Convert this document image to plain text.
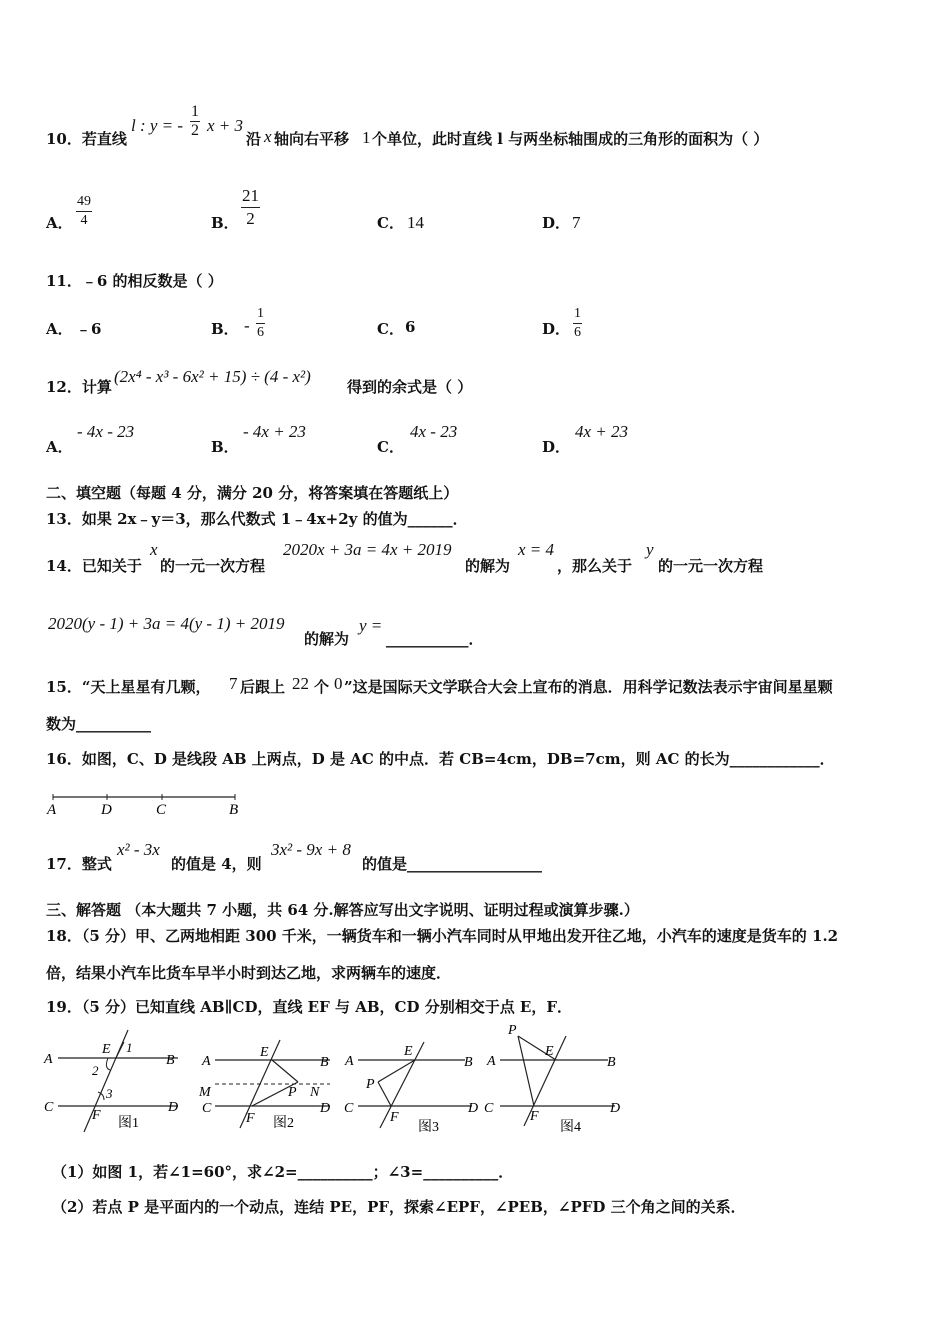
10．若直线
l : y = - $\frac{1}{2}$ x + 3
沿 x 轴向右平移 1 个单位，此时直线 l 与两坐标轴围成的三角形的面积为（ ）
A． $\frac{49}{4}$	B． $\frac{21}{2}$	C． 14	D． 7
11．﹣6 的相反数是（ ）
A． ﹣6	B． - $\frac{1}{6}$	C． 6	D． $\frac{1}{6}$
12．计算
(2x⁴ - x³ - 6x² + 15) ÷ (4 - x²)
得到的余式是（ ）
A．
- 4x - 23
B．
- 4x + 23
C．
4x - 23
D．
4x + 23
二、填空题（每题 4 分，满分 20 分，将答案填在答题纸上）
13．如果 2x﹣y＝3，那么代数式 1﹣4x+2y 的值为______．
14．已知关于
x
的一元一次方程
2020x + 3a = 4x + 2019
的解为
x = 4
，那么关于
y
的一元一次方程
2020(y - 1) + 3a = 4(y - 1) + 2019
的解为
y =
___________．
15．“天上星星有几颗， 7 后跟上 22 个 0 ”这是国际天文学联合大会上宣布的消息．用科学记数法表示宇宙间星星颗
数为__________
16．如图，C、D 是线段 AB 上两点，D 是 AC 的中点．若 CB=4cm，DB=7cm，则 AC 的长为____________．
A	D	C	B
17．整式
x² - 3x
的值是 4，则
3x² - 9x + 8
的值是__________________
三、解答题 （本大题共 7 小题，共 64 分.解答应写出文字说明、证明过程或演算步骤.）
18．（5 分）甲、乙两地相距 300 千米，一辆货车和一辆小汽车同时从甲地出发开往乙地，小汽车的速度是货车的 1.2
倍，结果小汽车比货车早半小时到达乙地，求两辆车的速度．
19．（5 分）已知直线 AB∥CD，直线 EF 与 AB，CD 分别相交于点 E，F．
A	B
C	D
E
F
1
2
3
图1
A	B
C	D
E
F
M	N
P
图2
A	B
C	D
E
F
P
图3
A	B
C	D
E
F
P
图4
（1）如图 1，若∠1=60°，求∠2=__________；∠3=__________．
（2）若点 P 是平面内的一个动点，连结 PE，PF，探索∠EPF，∠PEB，∠PFD 三个角之间的关系．
